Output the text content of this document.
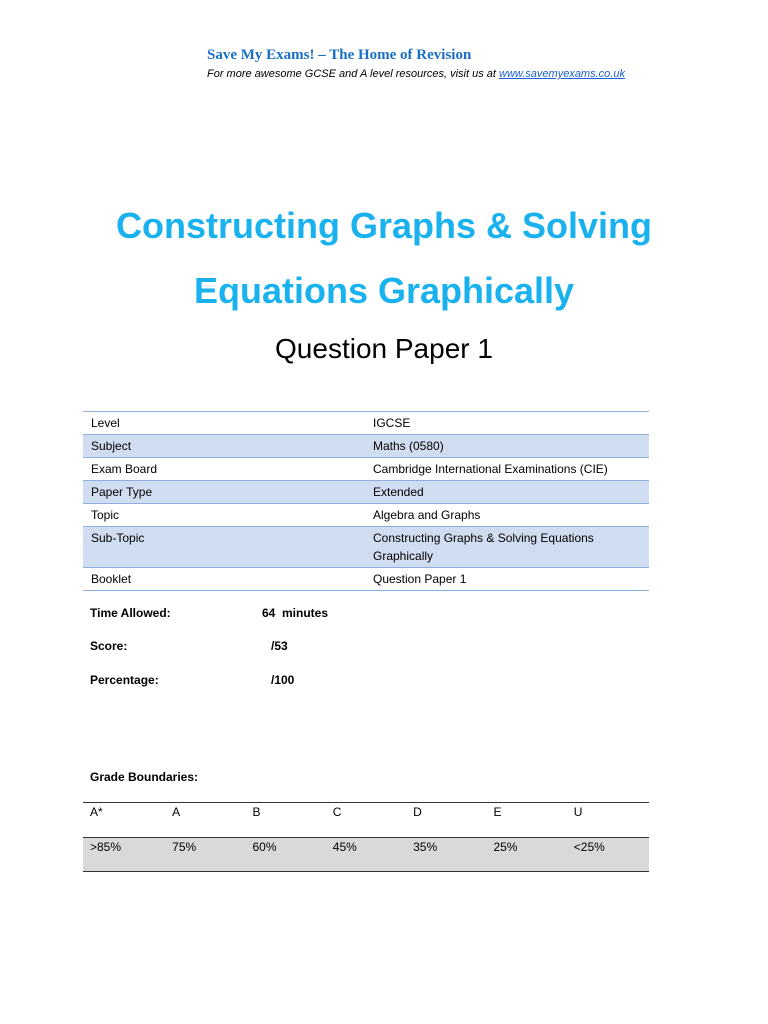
Save My Exams! – The Home of Revision
For more awesome GCSE and A level resources, visit us at www.savemyexams.co.uk
Constructing Graphs & Solving
Equations Graphically
Question Paper 1
Level	IGCSE
Subject	Maths (0580)
Exam Board	Cambridge International Examinations (CIE)
Paper Type	Extended
Topic	Algebra and Graphs
Sub-Topic	Constructing Graphs & Solving Equations Graphically
Booklet	Question Paper 1
Time Allowed:	64  minutes
Score:	/53
Percentage:	/100
Grade Boundaries:
A*	A	B	C	D	E	U
>85%	75%	60%	45%	35%	25%	<25%
